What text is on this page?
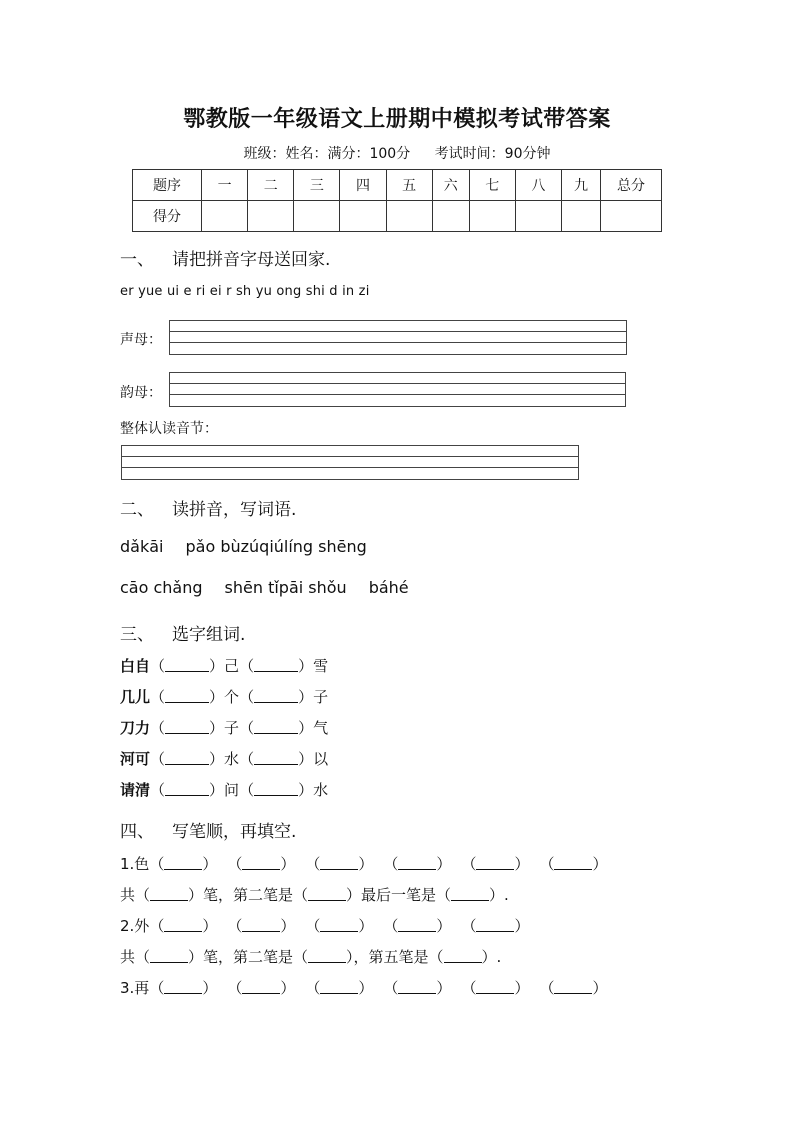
鄂教版一年级语文上册期中模拟考试带答案
班级：姓名：满分：100分 考试时间：90分钟
题序	一	二	三	四	五	六	七	八	九	总分
得分										
一、 请把拼音字母送回家.
er yue ui e ri ei r sh yu ong shi d in zi
声母：
韵母：
整体认读音节：
二、 读拼音，写词语.
dǎkāi pǎo bùzúqiúlíng shēng
cāo chǎng shēn tǐpāi shǒu báhé
三、 选字组词.
白自（	）己（	）雪
几儿（	）个（	）子
刀力（	）子（	）气
河可（	）水（	）以
请清（	）问（	）水
四、 写笔顺，再填空.
1.色（	） （	） （	） （	） （	） （	）
共（	）笔，第二笔是（	）最后一笔是（	）.
2.外（	） （	） （	） （	） （	）
共（	）笔，第二笔是（	），第五笔是（	）.
3.再（	） （	） （	） （	） （	） （	）
